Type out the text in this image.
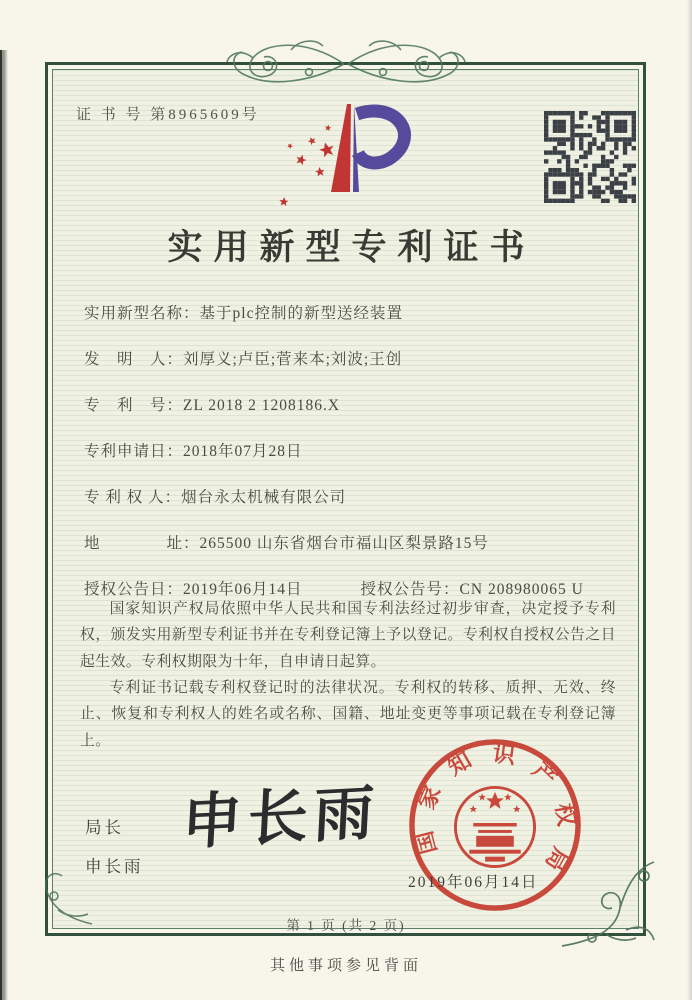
证 书 号 第8965609号
实用新型专利证书
实用新型名称：基于plc控制的新型送经装置
发　明　人：刘厚义;卢臣;菅来本;刘波;王创
专　利　号：ZL 2018 2 1208186.X
专利申请日：2018年07月28日
专 利 权 人：烟台永太机械有限公司
地　　　　址：265500 山东省烟台市福山区梨景路15号
授权公告日：2019年06月14日	授权公告号：CN 208980065 U

国家知识产权局依照中华人民共和国专利法经过初步审查，决定授予专利权，颁发实用新型专利证书并在专利登记簿上予以登记。专利权自授权公告之日起生效。专利权期限为十年，自申请日起算。

专利证书记载专利权登记时的法律状况。专利权的转移、质押、无效、终止、恢复和专利权人的姓名或名称、国籍、地址变更等事项记载在专利登记簿上。

局长
申长雨
申长雨 国家知识产权局
2019年06月14日
第 1 页 (共 2 页)
其他事项参见背面
